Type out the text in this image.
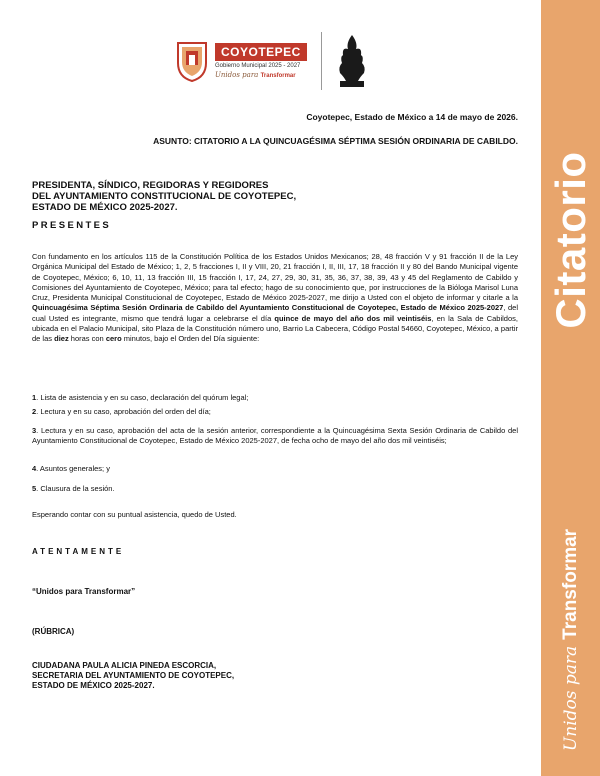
Citatorio
Unidos para
Transformar
COYOTEPEC
Gobierno Municipal 2025 - 2027
Unidos para Transformar
Coyotepec, Estado de México a 14 de mayo de 2026.
ASUNTO: CITATORIO A LA QUINCUAGÉSIMA SÉPTIMA SESIÓN ORDINARIA DE CABILDO.
PRESIDENTA, SÍNDICO, REGIDORAS Y REGIDORES
DEL AYUNTAMIENTO CONSTITUCIONAL DE COYOTEPEC,
ESTADO DE MÉXICO 2025-2027.
PRESENTES
Con fundamento en los artículos 115 de la Constitución Política de los Estados Unidos Mexicanos; 28, 48 fracción V y 91 fracción II de la Ley Orgánica Municipal del Estado de México; 1, 2, 5 fracciones I, II y VIII, 20, 21 fracción I, II, III, 17, 18 fracción II y 80 del Bando Municipal vigente de Coyotepec, México; 6, 10, 11, 13 fracción III, 15 fracción I, 17, 24, 27, 29, 30, 31, 35, 36, 37, 38, 39, 43 y 45 del Reglamento de Cabildo y Comisiones del Ayuntamiento de Coyotepec, México; para tal efecto; hago de su conocimiento que, por instrucciones de la Bióloga Marisol Luna Cruz, Presidenta Municipal Constitucional de Coyotepec, Estado de México 2025-2027, me dirijo a Usted con el objeto de informar y citarle a la Quincuagésima Séptima Sesión Ordinaria de Cabildo del Ayuntamiento Constitucional de Coyotepec, Estado de México 2025-2027, del cual Usted es integrante, mismo que tendrá lugar a celebrarse el día quince de mayo del año dos mil veintiséis, en la Sala de Cabildos, ubicada en el Palacio Municipal, sito Plaza de la Constitución número uno, Barrio La Cabecera, Código Postal 54660, Coyotepec, México, a partir de las diez horas con cero minutos, bajo el Orden del Día siguiente:
1. Lista de asistencia y en su caso, declaración del quórum legal;
2. Lectura y en su caso, aprobación del orden del día;
3. Lectura y en su caso, aprobación del acta de la sesión anterior, correspondiente a la Quincuagésima Sexta Sesión Ordinaria de Cabildo del Ayuntamiento Constitucional de Coyotepec, Estado de México 2025-2027, de fecha ocho de mayo del año dos mil veintiséis;
4. Asuntos generales; y
5. Clausura de la sesión.
Esperando contar con su puntual asistencia, quedo de Usted.
ATENTAMENTE
“Unidos para Transformar”
(RÚBRICA)
CIUDADANA PAULA ALICIA PINEDA ESCORCIA,
SECRETARIA DEL AYUNTAMIENTO DE COYOTEPEC,
ESTADO DE MÉXICO 2025-2027.
